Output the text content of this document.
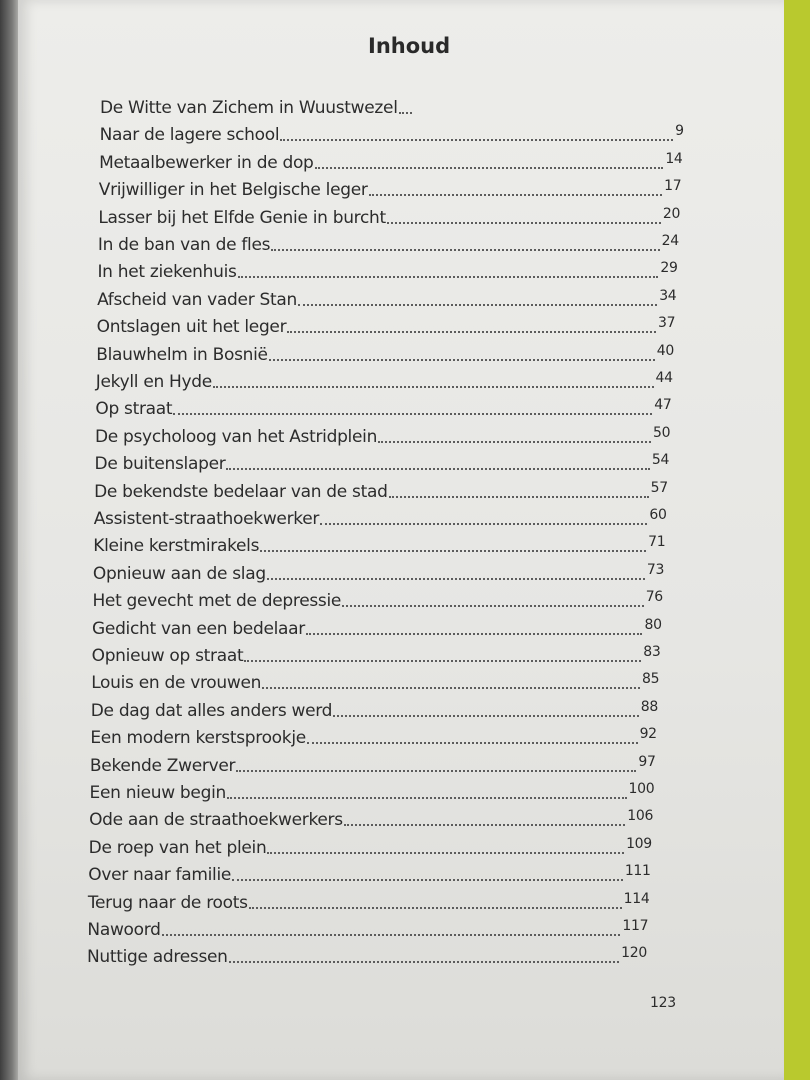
Inhoud
De Witte van Zichem in Wuustwezel
Naar de lagere school	9
Metaalbewerker in de dop	14
Vrijwilliger in het Belgische leger	17
Lasser bij het Elfde Genie in burcht	20
In de ban van de fles	24
In het ziekenhuis	29
Afscheid van vader Stan	34
Ontslagen uit het leger	37
Blauwhelm in Bosnië	40
Jekyll en Hyde	44
Op straat	47
De psycholoog van het Astridplein	50
De buitenslaper	54
De bekendste bedelaar van de stad	57
Assistent-straathoekwerker	60
Kleine kerstmirakels	71
Opnieuw aan de slag	73
Het gevecht met de depressie	76
Gedicht van een bedelaar	80
Opnieuw op straat	83
Louis en de vrouwen	85
De dag dat alles anders werd	88
Een modern kerstsprookje	92
Bekende Zwerver	97
Een nieuw begin	100
Ode aan de straathoekwerkers	106
De roep van het plein	109
Over naar familie	111
Terug naar de roots	114
Nawoord	117
Nuttige adressen	120
123
